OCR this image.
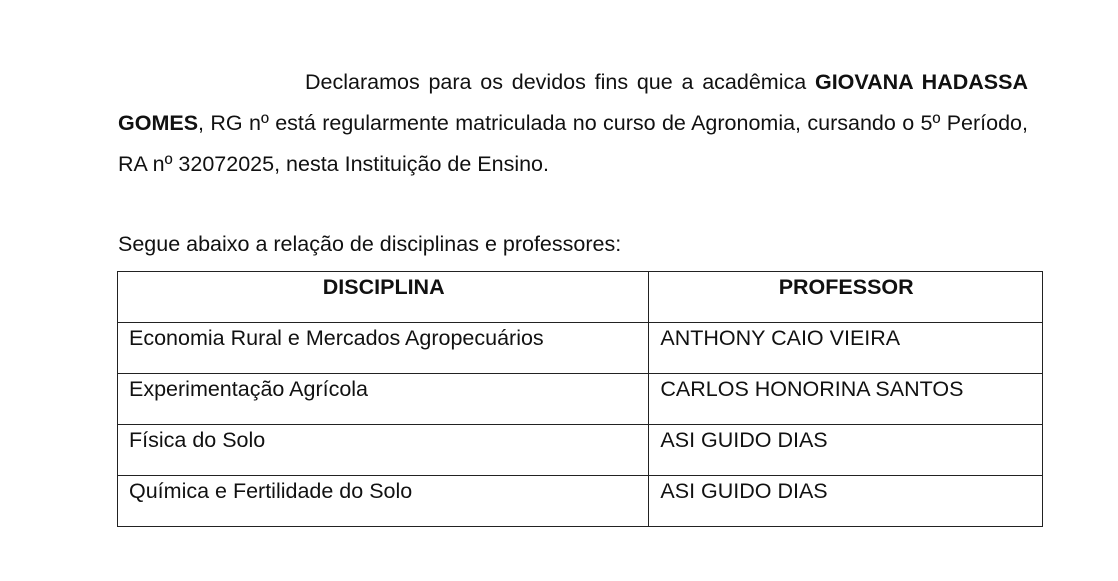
Declaramos para os devidos fins que a acadêmica GIOVANA HADASSA GOMES, RG nº está regularmente matriculada no curso de Agronomia, cursando o 5º Período, RA nº 32072025, nesta Instituição de Ensino.

Segue abaixo a relação de disciplinas e professores:

DISCIPLINA	PROFESSOR
Economia Rural e Mercados Agropecuários	ANTHONY CAIO VIEIRA
Experimentação Agrícola	CARLOS HONORINA SANTOS
Física do Solo	ASI GUIDO DIAS
Química e Fertilidade do Solo	ASI GUIDO DIAS
